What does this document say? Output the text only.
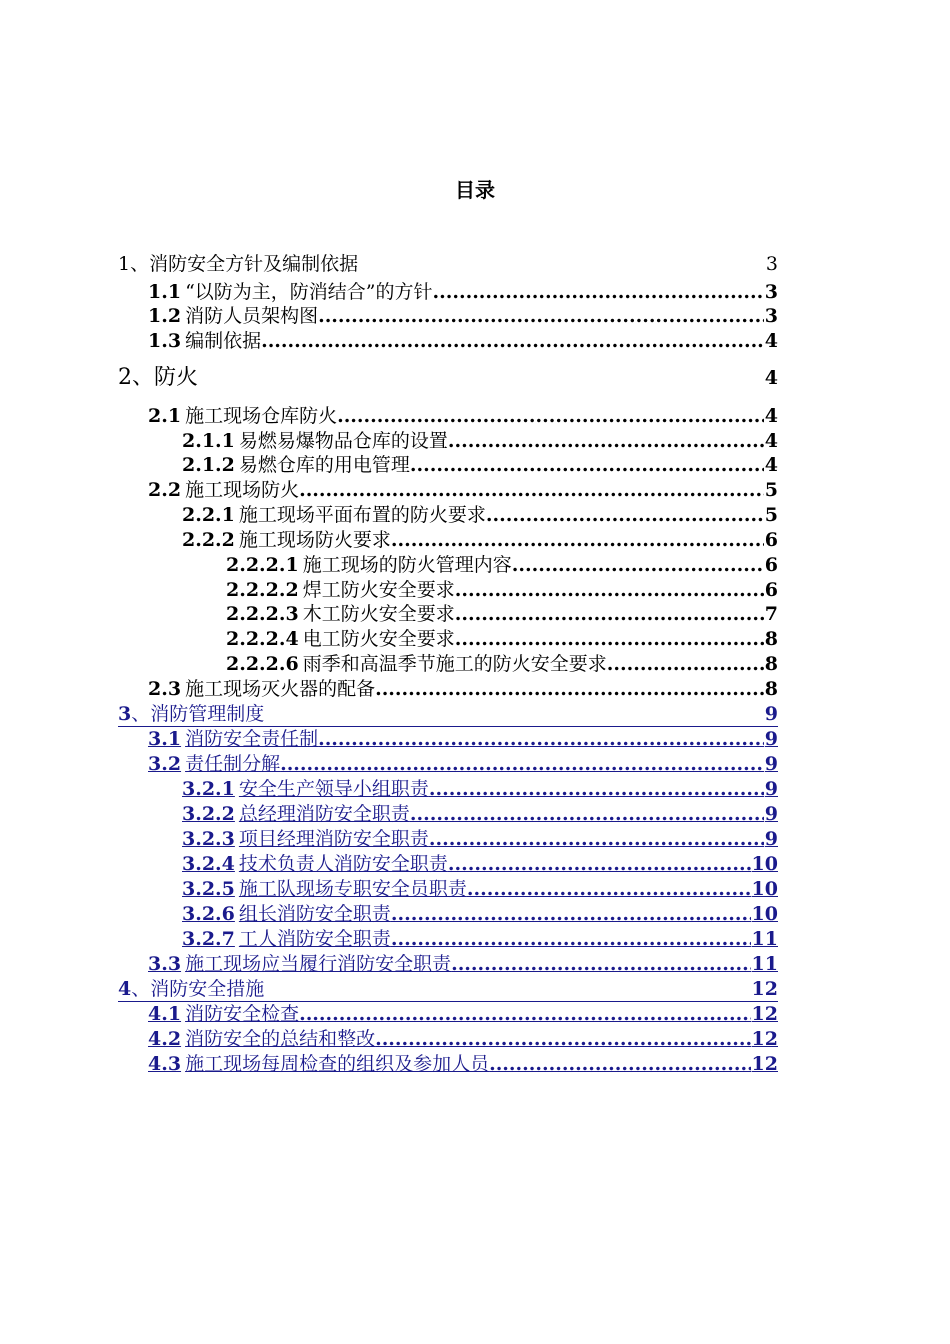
目录
1、消防安全方针及编制依据	3
1.1 “以防为主，防消结合”的方针 .....	3
1.2 消防人员架构图 .....	3
1.3 编制依据 .....	4
2、防火	4
2.1 施工现场仓库防火 .....	4
2.1.1 易燃易爆物品仓库的设置 .....	4
2.1.2 易燃仓库的用电管理 .....	4
2.2 施工现场防火 .....	5
2.2.1 施工现场平面布置的防火要求 .....	5
2.2.2 施工现场防火要求 .....	6
2.2.2.1 施工现场的防火管理内容 .....	6
2.2.2.2 焊工防火安全要求 .....	6
2.2.2.3 木工防火安全要求 .....	7
2.2.2.4 电工防火安全要求 .....	8
2.2.2.6 雨季和高温季节施工的防火安全要求 .....	8
2.3 施工现场灭火器的配备 .....	8
3 、消防管理制度	9
3.1 消防安全责任制 .....	9
3.2 责任制分解 .....	9
3.2.1 安全生产领导小组职责 .....	9
3.2.2 总经理消防安全职责 .....	9
3.2.3 项目经理消防安全职责 .....	9
3.2.4 技术负责人消防安全职责 .....	10
3.2.5 施工队现场专职安全员职责 .....	10
3.2.6 组长消防安全职责 .....	10
3.2.7 工人消防安全职责 .....	11
3.3 施工现场应当履行消防安全职责 .....	11
4 、消防安全措施	12
4.1 消防安全检查 .....	12
4.2 消防安全的总结和整改 .....	12
4.3 施工现场每周检查的组织及参加人员 .....	12
